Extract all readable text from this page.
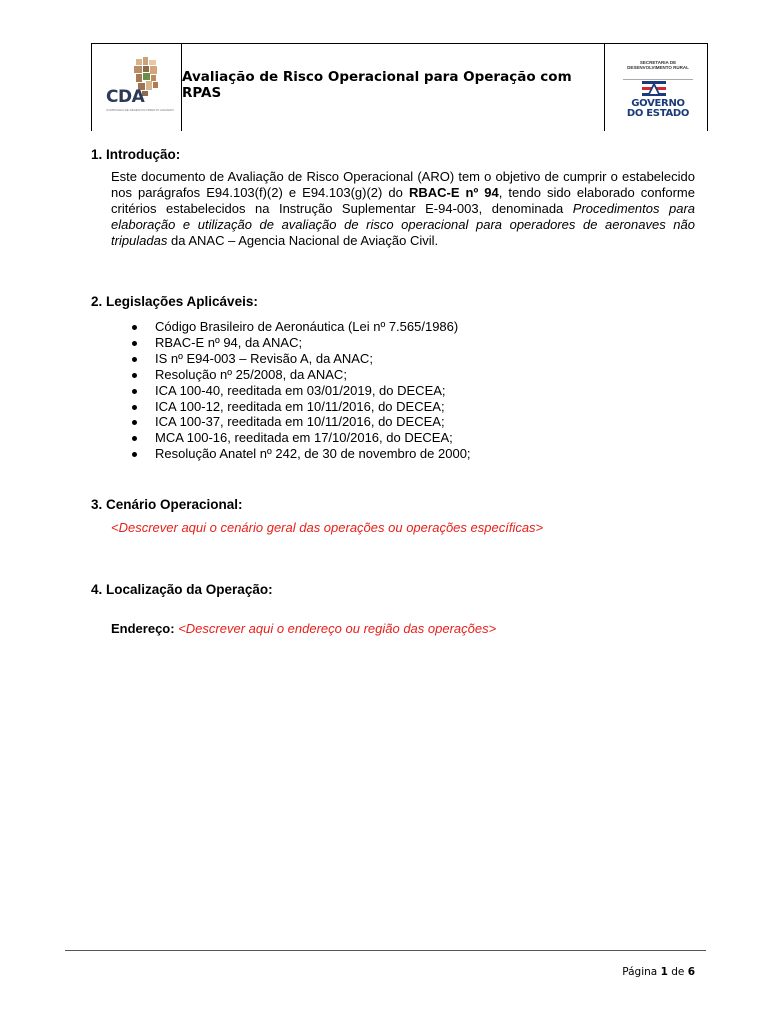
CDA
COMPANHIA DE DESENVOLVIMENTO AGRARIO
Avaliação de Risco Operacional para Operação com RPAS
SECRETARIA DE DESENVOLVIMENTO RURAL
GOVERNO
DO ESTADO
1. Introdução:

Este documento de Avaliação de Risco Operacional (ARO) tem o objetivo de cumprir o estabelecido nos parágrafos E94.103(f)(2) e E94.103(g)(2) do RBAC-E nº 94, tendo sido elaborado conforme critérios estabelecidos na Instrução Suplementar E-94-003, denominada Procedimentos para elaboração e utilização de avaliação de risco operacional para operadores de aeronaves não tripuladas da ANAC – Agencia Nacional de Aviação Civil.

2. Legislações Aplicáveis:
Código Brasileiro de Aeronáutica (Lei nº 7.565/1986)
RBAC-E nº 94, da ANAC;
IS nº E94-003 – Revisão A, da ANAC;
Resolução nº 25/2008, da ANAC;
ICA 100-40, reeditada em 03/01/2019, do DECEA;
ICA 100-12, reeditada em 10/11/2016, do DECEA;
ICA 100-37, reeditada em 10/11/2016, do DECEA;
MCA 100-16, reeditada em 17/10/2016, do DECEA;
Resolução Anatel nº 242, de 30 de novembro de 2000;
3. Cenário Operacional:
<Descrever aqui o cenário geral das operações ou operações específicas>
4. Localização da Operação:
Endereço: <Descrever aqui o endereço ou região das operações>
Página 1 de 6
